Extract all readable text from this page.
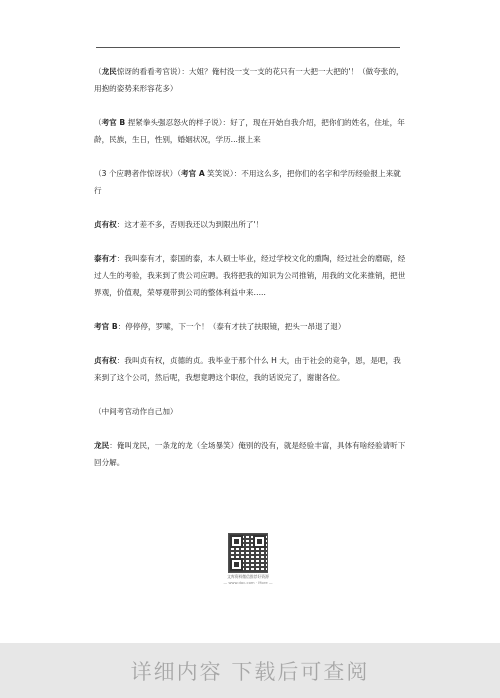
（龙民惊讶的看看考官说）：大姐？俺村没一支一支的花只有一大把一大把的'！（做夸张的，用抱的姿势来形容花多）

（考官 B 捏紧拳头强忍怒火的样子说）：好了，现在开始自我介绍，把你们的姓名，住址，年龄，民族，生日，性别，婚姻状况，学历...报上来

（3 个应聘者作惊讶状）（考官 A 笑笑说）：不用这么多，把你们的名字和学历经验报上来就行

贞有权：这才差不多，否则我还以为到限出所了'！

泰有才：我叫泰有才，泰国的泰，本人硕士毕业，经过学校文化的熏陶，经过社会的磨砺，经过人生的考验，我来到了贵公司应聘。我将把我的知识为公司推销，用我的文化来推销，把世界观，价值观，荣辱观带到公司的整体利益中来…..

考官 B：停停停，罗嗦，下一个！（泰有才扶了扶眼镜，把头一昂退了退）

贞有权：我叫贞有权，贞德的贞。我毕业于那个什么 H 大，由于社会的竞争，恩，是吧，我来到了这个公司，然后呢，我想竟聘这个职位，我的话说完了，谢谢各位。

（中间考官动作自己加）

龙民：俺叫龙民，一条龙的龙（全场暴笑）俺别的没有，就是经验丰富，具体有啥经验请听下回分解。

文库资料微信推荐好资源
— www.doc.com · More —
详细内容 下载后可查阅
